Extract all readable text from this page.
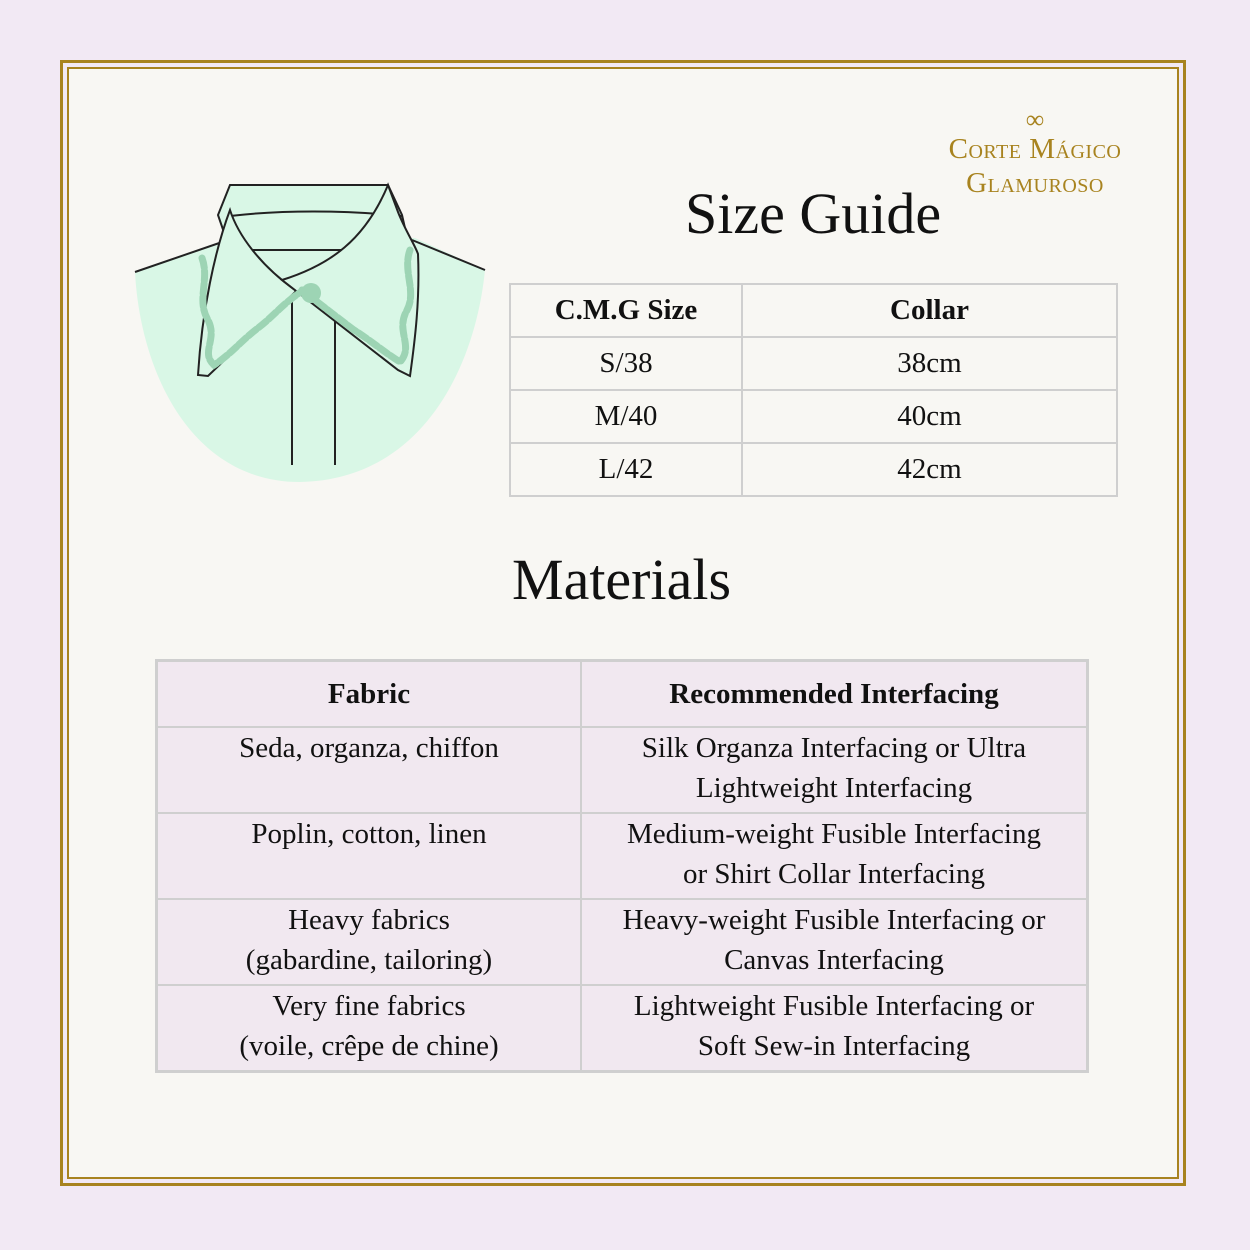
∞
Corte Mágico
Glamuroso
Size Guide
C.M.G Size	Collar
S/38	38cm
M/40	40cm
L/42	42cm
Materials
Fabric	Recommended Interfacing

Seda, organza, chiffon	Silk Organza Interfacing or Ultra
Lightweight Interfacing

Poplin, cotton, linen	Medium-weight Fusible Interfacing
or Shirt Collar Interfacing

Heavy fabrics
(gabardine, tailoring)	Heavy-weight Fusible Interfacing or
Canvas Interfacing

Very fine fabrics
(voile, crêpe de chine)	Lightweight Fusible Interfacing or
Soft Sew-in Interfacing
